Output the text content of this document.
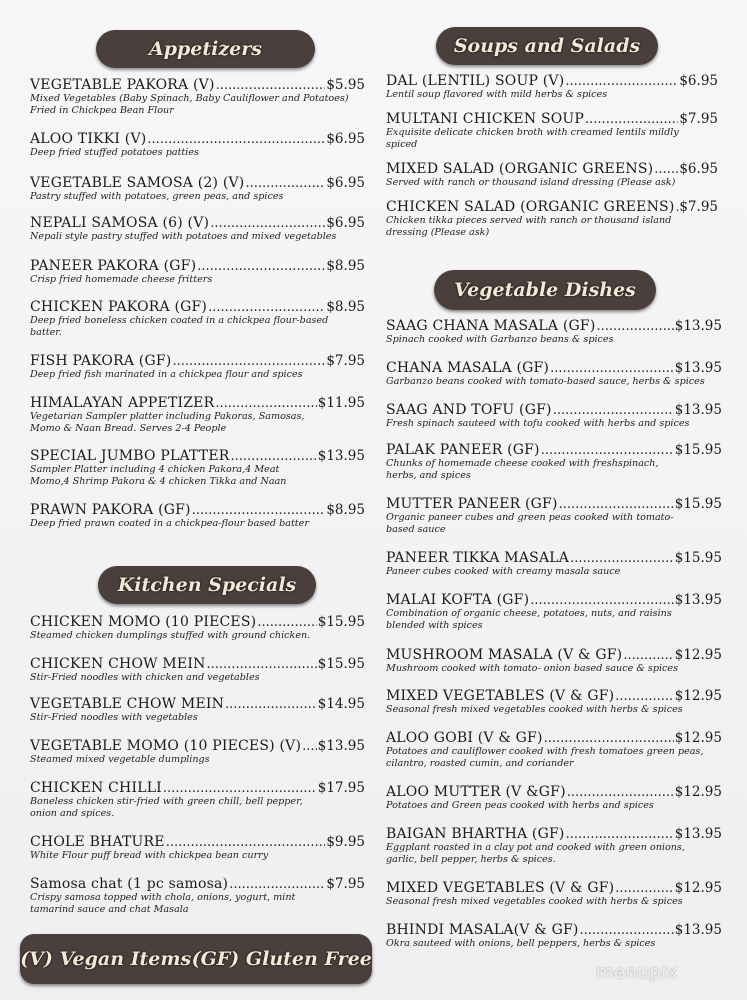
Appetizers
Kitchen Specials
Soups and Salads
Vegetable Dishes
VEGETABLE PAKORA (V) .....	$5.95
Mixed Vegetables (Baby Spinach, Baby Cauliflower and Potatoes) Fried in Chickpea Bean Flour
ALOO TIKKI (V) .....	$6.95
Deep fried stuffed potatoes patties
VEGETABLE SAMOSA (2) (V) .....	$6.95
Pastry stuffed with potatoes, green peas, and spices
NEPALI SAMOSA (6) (V) .....	$6.95
Nepali style pastry stuffed with potatoes and mixed vegetables
PANEER PAKORA (GF) .....	$8.95
Crisp fried homemade cheese fritters
CHICKEN PAKORA (GF) .....	$8.95
Deep fried boneless chicken coated in a chickpea flour-based batter.
FISH PAKORA (GF) .....	$7.95
Deep fried fish marinated in a chickpea flour and spices
HIMALAYAN APPETIZER .....	$11.95
Vegetarian Sampler platter including Pakoras, Samosas, Momo & Naan Bread. Serves 2-4 People
SPECIAL JUMBO PLATTER .....	$13.95
Sampler Platter including 4 chicken Pakora,4 Meat Momo,4 Shrimp Pakora & 4 chicken Tikka and Naan
PRAWN PAKORA (GF) .....	$8.95
Deep fried prawn coated in a chickpea-flour based batter
CHICKEN MOMO (10 PIECES) .....	$15.95
Steamed chicken dumplings stuffed with ground chicken.
CHICKEN CHOW MEIN .....	$15.95
Stir-Fried noodles with chicken and vegetables
VEGETABLE CHOW MEIN .....	$14.95
Stir-Fried noodles with vegetables
VEGETABLE MOMO (10 PIECES) (V) ..... $13.95
Steamed mixed vegetable dumplings
CHICKEN CHILLI .....	$17.95
Boneless chicken stir-fried with green chill, bell pepper, onion and spices.
CHOLE BHATURE .....	$9.95
White Flour puff bread with chickpea bean curry
Samosa chat (1 pc samosa) .....	$7.95
Crispy samosa topped with chola, onions, yogurt, mint tamarind sauce and chat Masala
DAL (LENTIL) SOUP (V) .....	$6.95
Lentil soup flavored with mild herbs & spices
MULTANI CHICKEN SOUP .....	$7.95
Exquisite delicate chicken broth with creamed lentils mildly spiced
MIXED SALAD (ORGANIC GREENS) ..... $6.95
Served with ranch or thousand island dressing (Please ask)
CHICKEN SALAD (ORGANIC GREENS) ..... $7.95
Chicken tikka pieces served with ranch or thousand island dressing (Please ask)
SAAG CHANA MASALA (GF) .....	$13.95
Spinach cooked with Garbanzo beans & spices
CHANA MASALA (GF) .....	$13.95
Garbanzo beans cooked with tomato-based sauce, herbs & spices
SAAG AND TOFU (GF) .....	$13.95
Fresh spinach sauteed with tofu cooked with herbs and spices
PALAK PANEER (GF) .....	$15.95
Chunks of homemade cheese cooked with freshspinach, herbs, and spices
MUTTER PANEER (GF) .....	$15.95
Organic paneer cubes and green peas cooked with tomato-based sauce
PANEER TIKKA MASALA .....	$15.95
Paneer cubes cooked with creamy masala sauce
MALAI KOFTA (GF) .....	$13.95
Combination of organic cheese, potatoes, nuts, and raisins blended with spices
MUSHROOM MASALA (V & GF) .....	$12.95
Mushroom cooked with tomato- onion based sauce & spices
MIXED VEGETABLES (V & GF) .....	$12.95
Seasonal fresh mixed vegetables cooked with herbs & spices
ALOO GOBI (V & GF) .....	$12.95
Potatoes and cauliflower cooked with fresh tomatoes green peas, cilantro, roasted cumin, and coriander
ALOO MUTTER (V &GF) .....	$12.95
Potatoes and Green peas cooked with herbs and spices
BAIGAN BHARTHA (GF) .....	$13.95
Eggplant roasted in a clay pot and cooked with green onions, garlic, bell pepper, herbs & spices.
MIXED VEGETABLES (V & GF) .....	$12.95
Seasonal fresh mixed vegetables cooked with herbs & spices
BHINDI MASALA(V & GF) .....	$13.95
Okra sauteed with onions, bell peppers, herbs & spices
(V) Vegan Items (GF) Gluten Free
menupix
